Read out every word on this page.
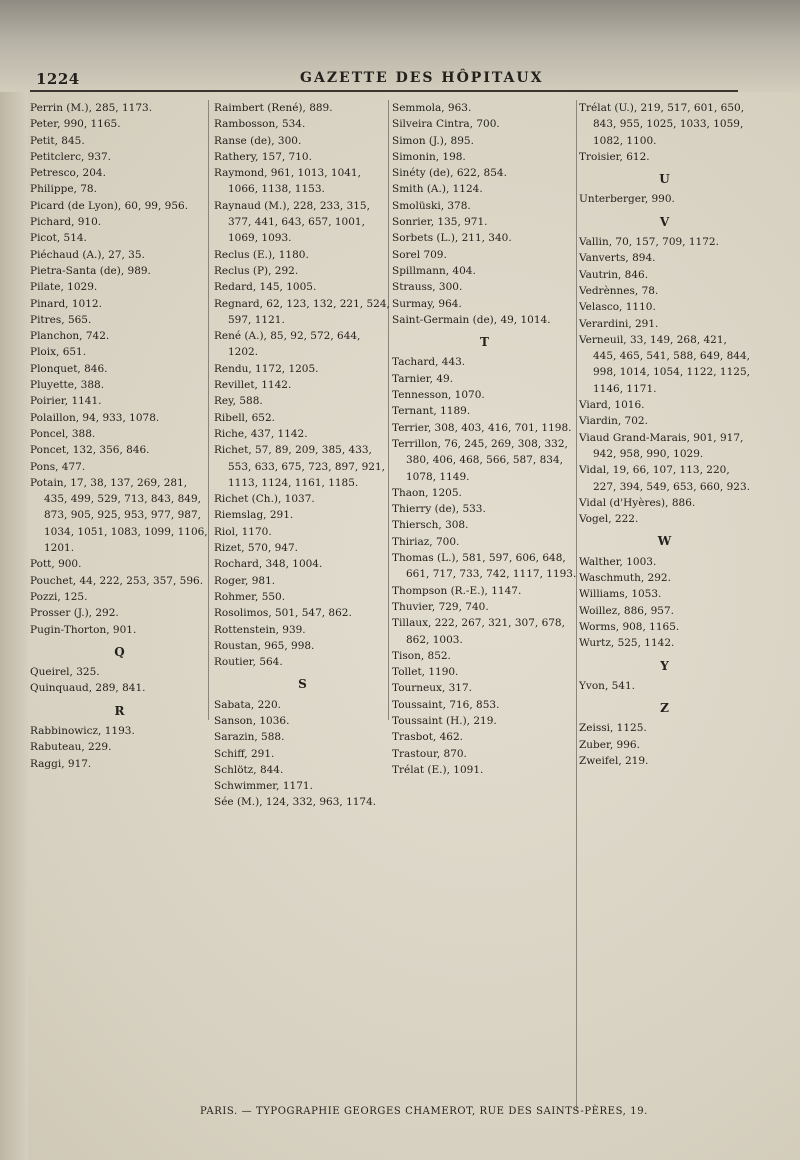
1224	GAZETTE DES HÔPITAUX
Perrin (M.), 285, 1173.
Peter, 990, 1165.
Petit, 845.
Petitclerc, 937.
Petresco, 204.
Philippe, 78.
Picard (de Lyon), 60, 99, 956.
Pichard, 910.
Picot, 514.
Piéchaud (A.), 27, 35.
Pietra-Santa (de), 989.
Pilate, 1029.
Pinard, 1012.
Pitres, 565.
Planchon, 742.
Ploix, 651.
Plonquet, 846.
Pluyette, 388.
Poirier, 1141.
Polaillon, 94, 933, 1078.
Poncel, 388.
Poncet, 132, 356, 846.
Pons, 477.
Potain, 17, 38, 137, 269, 281, 435, 499, 529, 713, 843, 849, 873, 905, 925, 953, 977, 987, 1034, 1051, 1083, 1099, 1106, 1201.
Pott, 900.
Pouchet, 44, 222, 253, 357, 596.
Pozzi, 125.
Prosser (J.), 292.
Pugin-Thorton, 901.
Q
Queirel, 325.
Quinquaud, 289, 841.
R
Rabbinowicz, 1193.
Rabuteau, 229.
Raggi, 917.
Raimbert (René), 889.
Rambosson, 534.
Ranse (de), 300.
Rathery, 157, 710.
Raymond, 961, 1013, 1041, 1066, 1138, 1153.
Raynaud (M.), 228, 233, 315, 377, 441, 643, 657, 1001, 1069, 1093.
Reclus (E.), 1180.
Reclus (P), 292.
Redard, 145, 1005.
Regnard, 62, 123, 132, 221, 524, 597, 1121.
René (A.), 85, 92, 572, 644, 1202.
Rendu, 1172, 1205.
Revillet, 1142.
Rey, 588.
Ribell, 652.
Riche, 437, 1142.
Richet, 57, 89, 209, 385, 433, 553, 633, 675, 723, 897, 921, 1113, 1124, 1161, 1185.
Richet (Ch.), 1037.
Riemslag, 291.
Riol, 1170.
Rizet, 570, 947.
Rochard, 348, 1004.
Roger, 981.
Rohmer, 550.
Rosolimos, 501, 547, 862.
Rottenstein, 939.
Roustan, 965, 998.
Routier, 564.
S
Sabata, 220.
Sanson, 1036.
Sarazin, 588.
Schiff, 291.
Schlötz, 844.
Schwimmer, 1171.
Sée (M.), 124, 332, 963, 1174.
Semmola, 963.
Silveira Cintra, 700.
Simon (J.), 895.
Simonin, 198.
Sinéty (de), 622, 854.
Smith (A.), 1124.
Smolüski, 378.
Sonrier, 135, 971.
Sorbets (L.), 211, 340.
Sorel 709.
Spillmann, 404.
Strauss, 300.
Surmay, 964.
Saint-Germain (de), 49, 1014.
T
Tachard, 443.
Tarnier, 49.
Tennesson, 1070.
Ternant, 1189.
Terrier, 308, 403, 416, 701, 1198.
Terrillon, 76, 245, 269, 308, 332, 380, 406, 468, 566, 587, 834, 1078, 1149.
Thaon, 1205.
Thierry (de), 533.
Thiersch, 308.
Thiriaz, 700.
Thomas (L.), 581, 597, 606, 648, 661, 717, 733, 742, 1117, 1193.
Thompson (R.-E.), 1147.
Thuvier, 729, 740.
Tillaux, 222, 267, 321, 307, 678, 862, 1003.
Tison, 852.
Tollet, 1190.
Tourneux, 317.
Toussaint, 716, 853.
Toussaint (H.), 219.
Trasbot, 462.
Trastour, 870.
Trélat (E.), 1091.
Trélat (U.), 219, 517, 601, 650, 843, 955, 1025, 1033, 1059, 1082, 1100.
Troisier, 612.
U
Unterberger, 990.
V
Vallin, 70, 157, 709, 1172.
Vanverts, 894.
Vautrin, 846.
Vedrènnes, 78.
Velasco, 1110.
Verardini, 291.
Verneuil, 33, 149, 268, 421, 445, 465, 541, 588, 649, 844, 998, 1014, 1054, 1122, 1125, 1146, 1171.
Viard, 1016.
Viardin, 702.
Viaud Grand-Marais, 901, 917, 942, 958, 990, 1029.
Vidal, 19, 66, 107, 113, 220, 227, 394, 549, 653, 660, 923.
Vidal (d'Hyères), 886.
Vogel, 222.
W
Walther, 1003.
Waschmuth, 292.
Williams, 1053.
Woillez, 886, 957.
Worms, 908, 1165.
Wurtz, 525, 1142.
Y
Yvon, 541.
Z
Zeissi, 1125.
Zuber, 996.
Zweifel, 219.
PARIS. — TYPOGRAPHIE GEORGES CHAMEROT, RUE DES SAINTS-PÈRES, 19.
